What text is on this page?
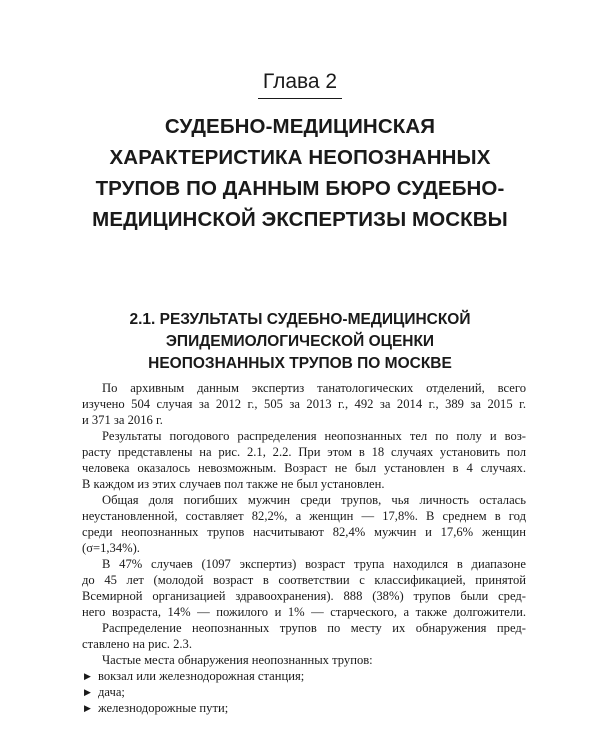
Глава 2
СУДЕБНО-МЕДИЦИНСКАЯ
ХАРАКТЕРИСТИКА НЕОПОЗНАННЫХ
ТРУПОВ ПО ДАННЫМ БЮРО СУДЕБНО-
МЕДИЦИНСКОЙ ЭКСПЕРТИЗЫ МОСКВЫ
2.1. РЕЗУЛЬТАТЫ СУДЕБНО-МЕДИЦИНСКОЙ
ЭПИДЕМИОЛОГИЧЕСКОЙ ОЦЕНКИ
НЕОПОЗНАННЫХ ТРУПОВ ПО МОСКВЕ
По архивным данным экспертиз танатологических отделений, всего
изучено 504 случая за 2012 г., 505 за 2013 г., 492 за 2014 г., 389 за 2015 г.
и 371 за 2016 г.
Результаты погодового распределения неопознанных тел по полу и воз-
расту представлены на рис. 2.1, 2.2. При этом в 18 случаях установить пол
человека оказалось невозможным. Возраст не был установлен в 4 случаях.
В каждом из этих случаев пол также не был установлен.
Общая доля погибших мужчин среди трупов, чья личность осталась
неустановленной, составляет 82,2%, а женщин — 17,8%. В среднем в год
среди неопознанных трупов насчитывают 82,4% мужчин и 17,6% женщин
(σ=1,34%).
В 47% случаев (1097 экспертиз) возраст трупа находился в диапазоне
до 45 лет (молодой возраст в соответствии с классификацией, принятой
Всемирной организацией здравоохранения). 888 (38%) трупов были сред-
него возраста, 14% — пожилого и 1% — старческого, а также долгожители.
Распределение неопознанных трупов по месту их обнаружения пред-
ставлено на рис. 2.3.
Частые места обнаружения неопознанных трупов:
▶ вокзал или железнодорожная станция;
▶ дача;
▶ железнодорожные пути;
